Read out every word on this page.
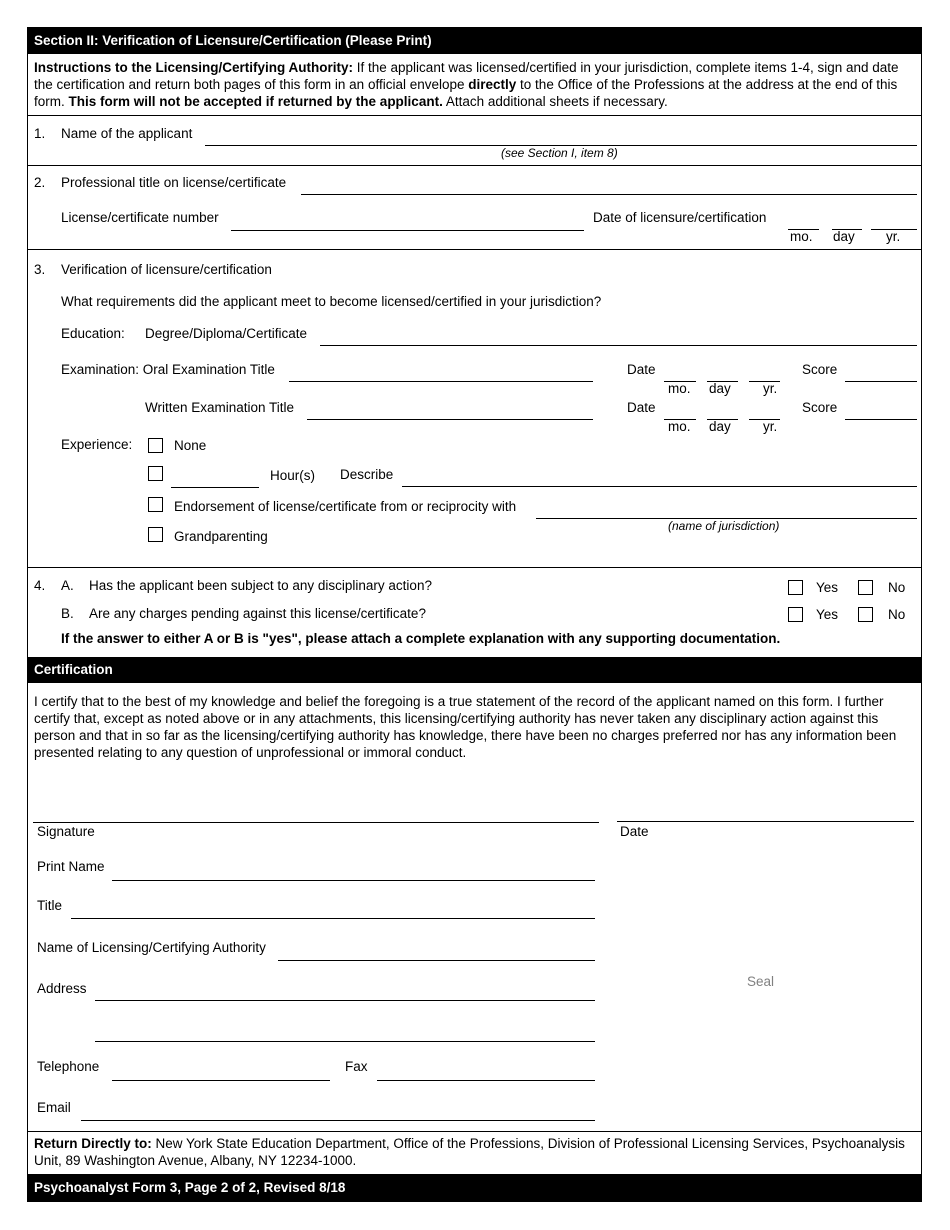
Section II: Verification of Licensure/Certification (Please Print)
Instructions to the Licensing/Certifying Authority: If the applicant was licensed/certified in your jurisdiction, complete items 1-4, sign and date the certification and return both pages of this form in an official envelope directly to the Office of the Professions at the address at the end of this form. This form will not be accepted if returned by the applicant. Attach additional sheets if necessary.
1. Name of the applicant
(see Section I, item 8)
2. Professional title on license/certificate
License/certificate number	Date of licensure/certification
mo. day yr.
3. Verification of licensure/certification
What requirements did the applicant meet to become licensed/certified in your jurisdiction?
Education: Degree/Diploma/Certificate
Examination: Oral Examination Title	Date
mo. day yr.
Score
Written Examination Title	Date
mo. day yr.
Score
Experience:	None
Hour(s) Describe
Endorsement of license/certificate from or reciprocity with
(name of jurisdiction)
Grandparenting
4. A. Has the applicant been subject to any disciplinary action?	Yes	No
B. Are any charges pending against this license/certificate?	Yes	No
If the answer to either A or B is "yes", please attach a complete explanation with any supporting documentation.
Certification
I certify that to the best of my knowledge and belief the foregoing is a true statement of the record of the applicant named on this form. I further certify that, except as noted above or in any attachments, this licensing/certifying authority has never taken any disciplinary action against this person and that in so far as the licensing/certifying authority has knowledge, there have been no charges preferred nor has any information been presented relating to any question of unprofessional or immoral conduct.
Signature	Date
Print Name
Title
Name of Licensing/Certifying Authority
Address	Seal
Telephone	Fax
Email
Return Directly to: New York State Education Department, Office of the Professions, Division of Professional Licensing Services, Psychoanalysis Unit, 89 Washington Avenue, Albany, NY 12234-1000.
Psychoanalyst Form 3, Page 2 of 2, Revised 8/18
